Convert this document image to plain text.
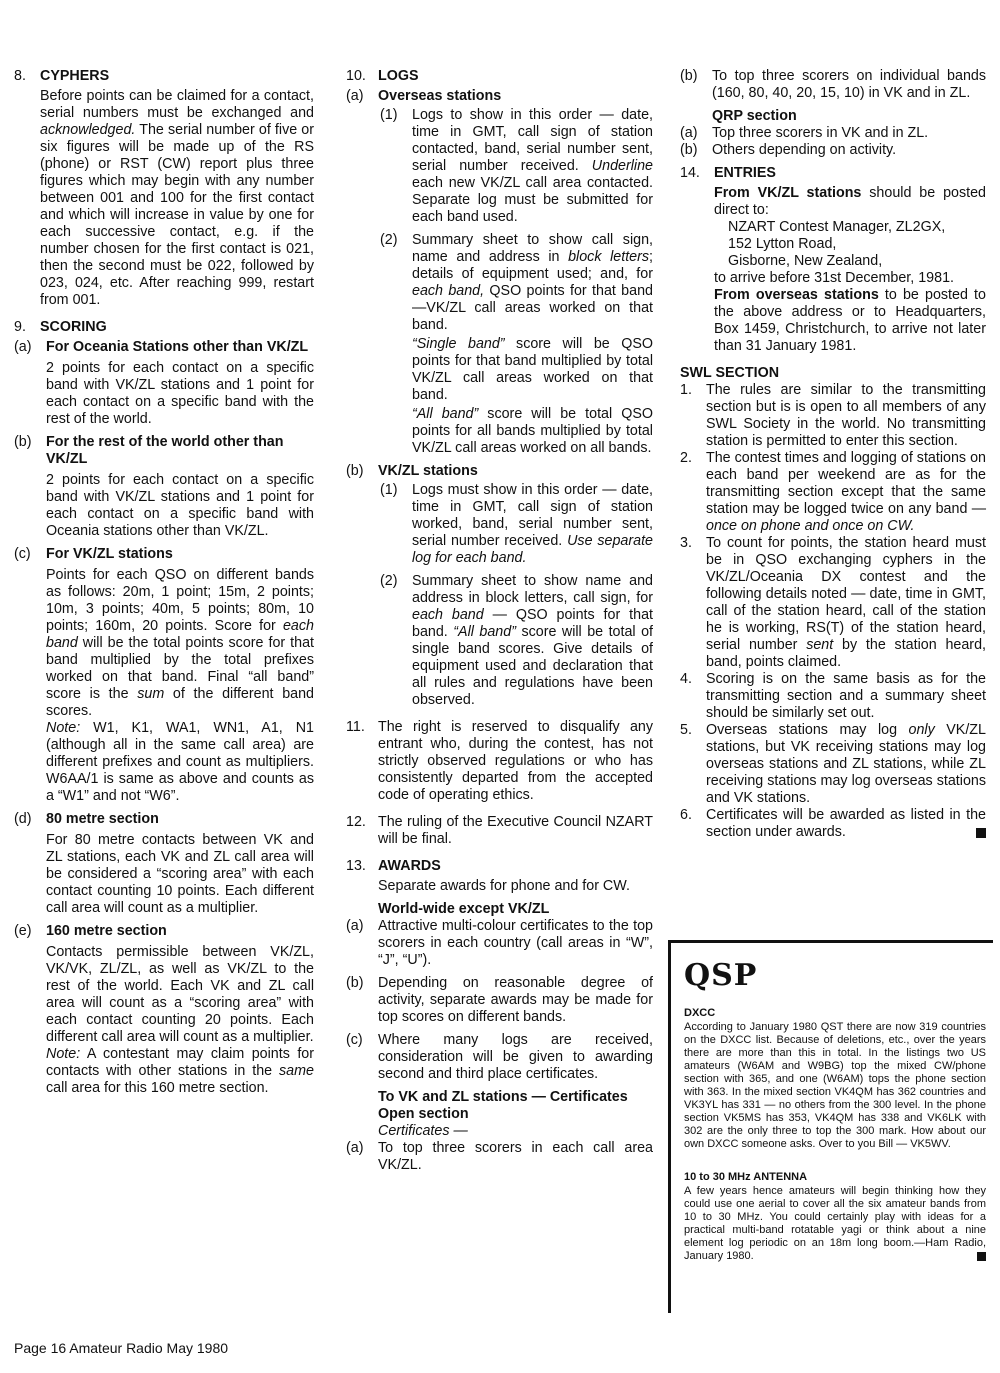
8. CYPHERS
Before points can be claimed for a contact, serial numbers must be exchanged and acknowledged. The serial number of five or six figures will be made up of the RS (phone) or RST (CW) report plus three figures which may begin with any number between 001 and 100 for the first contact and which will increase in value by one for each successive contact, e.g. if the number chosen for the first contact is 021, then the second must be 022, followed by 023, 024, etc. After reaching 999, restart from 001.
9. SCORING
(a) For Oceania Stations other than VK/ZL
2 points for each contact on a specific band with VK/ZL stations and 1 point for each contact on a specific band with the rest of the world.
(b) For the rest of the world other than VK/ZL
2 points for each contact on a specific band with VK/ZL stations and 1 point for each contact on a specific band with Oceania stations other than VK/ZL.
(c) For VK/ZL stations
Points for each QSO on different bands as follows: 20m, 1 point; 15m, 2 points; 10m, 3 points; 40m, 5 points; 80m, 10 points; 160m, 20 points. Score for each band will be the total points score for that band multiplied by the total prefixes worked on that band. Final “all band” score is the sum of the different band scores.
Note: W1, K1, WA1, WN1, A1, N1 (although all in the same call area) are different prefixes and count as multipliers. W6AA/1 is same as above and counts as a “W1” and not “W6”.
(d) 80 metre section
For 80 metre contacts between VK and ZL stations, each VK and ZL call area will be considered a “scoring area” with each contact counting 10 points. Each different call area will count as a multiplier.
(e) 160 metre section
Contacts permissible between VK/ZL, VK/VK, ZL/ZL, as well as VK/ZL to the rest of the world. Each VK and ZL call area will count as a “scoring area” with each contact counting 20 points. Each different call area will count as a multiplier.
Note: A contestant may claim points for contacts with other stations in the same call area for this 160 metre section.
10. LOGS
(a) Overseas stations
(1) Logs to show in this order — date, time in GMT, call sign of station contacted, band, serial number sent, serial number received. Underline each new VK/ZL call area contacted. Separate log must be submitted for each band used.
(2) Summary sheet to show call sign, name and address in block letters; details of equipment used; and, for each band, QSO points for that band—VK/ZL call areas worked on that band.
“Single band” score will be QSO points for that band multiplied by total VK/ZL call areas worked on that band.
“All band” score will be total QSO points for all bands multiplied by total VK/ZL call areas worked on all bands.
(b) VK/ZL stations
(1) Logs must show in this order — date, time in GMT, call sign of station worked, band, serial number sent, serial number received. Use separate log for each band.
(2) Summary sheet to show name and address in block letters, call sign, for each band — QSO points for that band. “All band” score will be total of single band scores. Give details of equipment used and declaration that all rules and regulations have been observed.
11. The right is reserved to disqualify any entrant who, during the contest, has not strictly observed regulations or who has consistently departed from the accepted code of operating ethics.
12. The ruling of the Executive Council NZART will be final.
13. AWARDS
Separate awards for phone and for CW.
World-wide except VK/ZL
(a) Attractive multi-colour certificates to the top scorers in each country (call areas in “W”, “J”, “U”).
(b) Depending on reasonable degree of activity, separate awards may be made for top scores on different bands.
(c) Where many logs are received, consideration will be given to awarding second and third place certificates.
To VK and ZL stations — Certificates
Open section
Certificates —
(a) To top three scorers in each call area VK/ZL.
(b) To top three scorers on individual bands (160, 80, 40, 20, 15, 10) in VK and in ZL.
QRP section
(a) Top three scorers in VK and in ZL.
(b) Others depending on activity.
14. ENTRIES
From VK/ZL stations should be posted direct to:
NZART Contest Manager, ZL2GX,
152 Lytton Road,
Gisborne, New Zealand,
to arrive before 31st December, 1981.
From overseas stations to be posted to the above address or to Headquarters, Box 1459, Christchurch, to arrive not later than 31 January 1981.
SWL SECTION
1. The rules are similar to the transmitting section but is is open to all members of any SWL Society in the world. No transmitting station is permitted to enter this section.
2. The contest times and logging of stations on each band per weekend are as for the transmitting section except that the same station may be logged twice on any band — once on phone and once on CW.
3. To count for points, the station heard must be in QSO exchanging cyphers in the VK/ZL/Oceania DX contest and the following details noted — date, time in GMT, call of the station heard, call of the station he is working, RS(T) of the station heard, serial number sent by the station heard, band, points claimed.
4. Scoring is on the same basis as for the transmitting section and a summary sheet should be similarly set out.
5. Overseas stations may log only VK/ZL stations, but VK receiving stations may log overseas stations and ZL stations, while ZL receiving stations may log overseas stations and VK stations.
6. Certificates will be awarded as listed in the section under awards.
QSP
DXCC
According to January 1980 QST there are now 319 countries on the DXCC list. Because of deletions, etc., over the years there are more than this in total. In the listings two US amateurs (W6AM and W9BG) top the mixed CW/phone section with 365, and one (W6AM) tops the phone section with 363. In the mixed section VK4QM has 362 countries and VK3YL has 331 — no others from the 300 level. In the phone section VK5MS has 353, VK4QM has 338 and VK6LK with 302 are the only three to top the 300 mark. How about our own DXCC someone asks. Over to you Bill — VK5WV.
10 to 30 MHz ANTENNA
A few years hence amateurs will begin thinking how they could use one aerial to cover all the six amateur bands from 10 to 30 MHz. You could certainly play with ideas for a practical multi-band rotatable yagi or think about a nine element log periodic on an 18m long boom.—Ham Radio, January 1980.
Page 16 Amateur Radio May 1980
